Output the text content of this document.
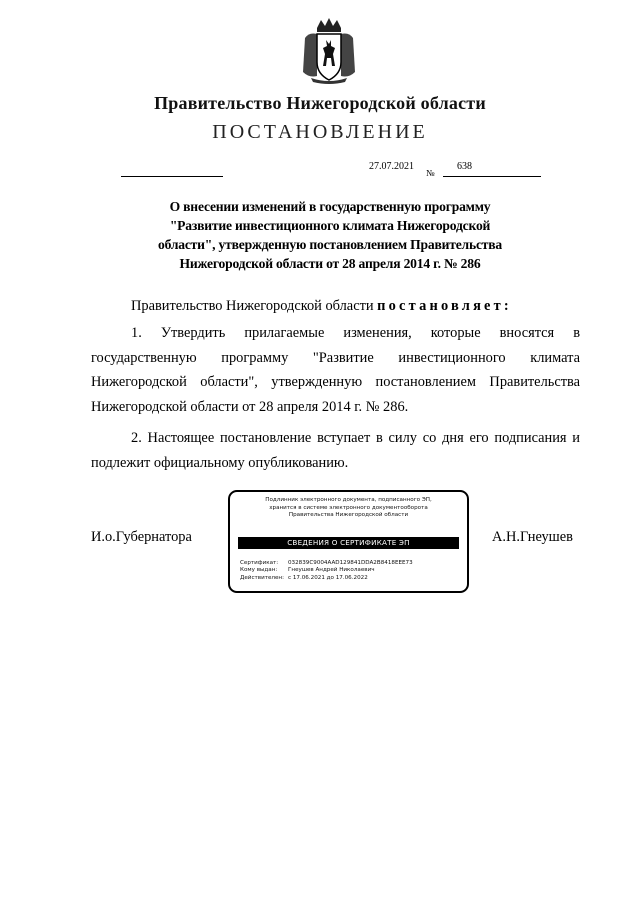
Правительство Нижегородской области
ПОСТАНОВЛЕНИЕ
27.07.2021
№
638
О внесении изменений в государственную программу
"Развитие инвестиционного климата Нижегородской
области", утвержденную постановлением Правительства
Нижегородской области от 28 апреля 2014 г. № 286
Правительство Нижегородской области постановляет:
1. Утвердить прилагаемые изменения, которые вносятся в государственную программу "Развитие инвестиционного климата Нижегородской области", утвержденную постановлением Правительства Нижегородской области от 28 апреля 2014 г. № 286.
2. Настоящее постановление вступает в силу со дня его подписания и подлежит официальному опубликованию.
И.о.Губернатора	А.Н.Гнеушев
Подлинник электронного документа, подписанного ЭП,
хранится в системе электронного документооборота
Правительства Нижегородской области
СВЕДЕНИЯ О СЕРТИФИКАТЕ ЭП
Сертификат: 032839C9004AAD129841DDA2B8418EEE73
Кому выдан: Гнеушев Андрей Николаевич
Действителен: с 17.06.2021 до 17.06.2022
